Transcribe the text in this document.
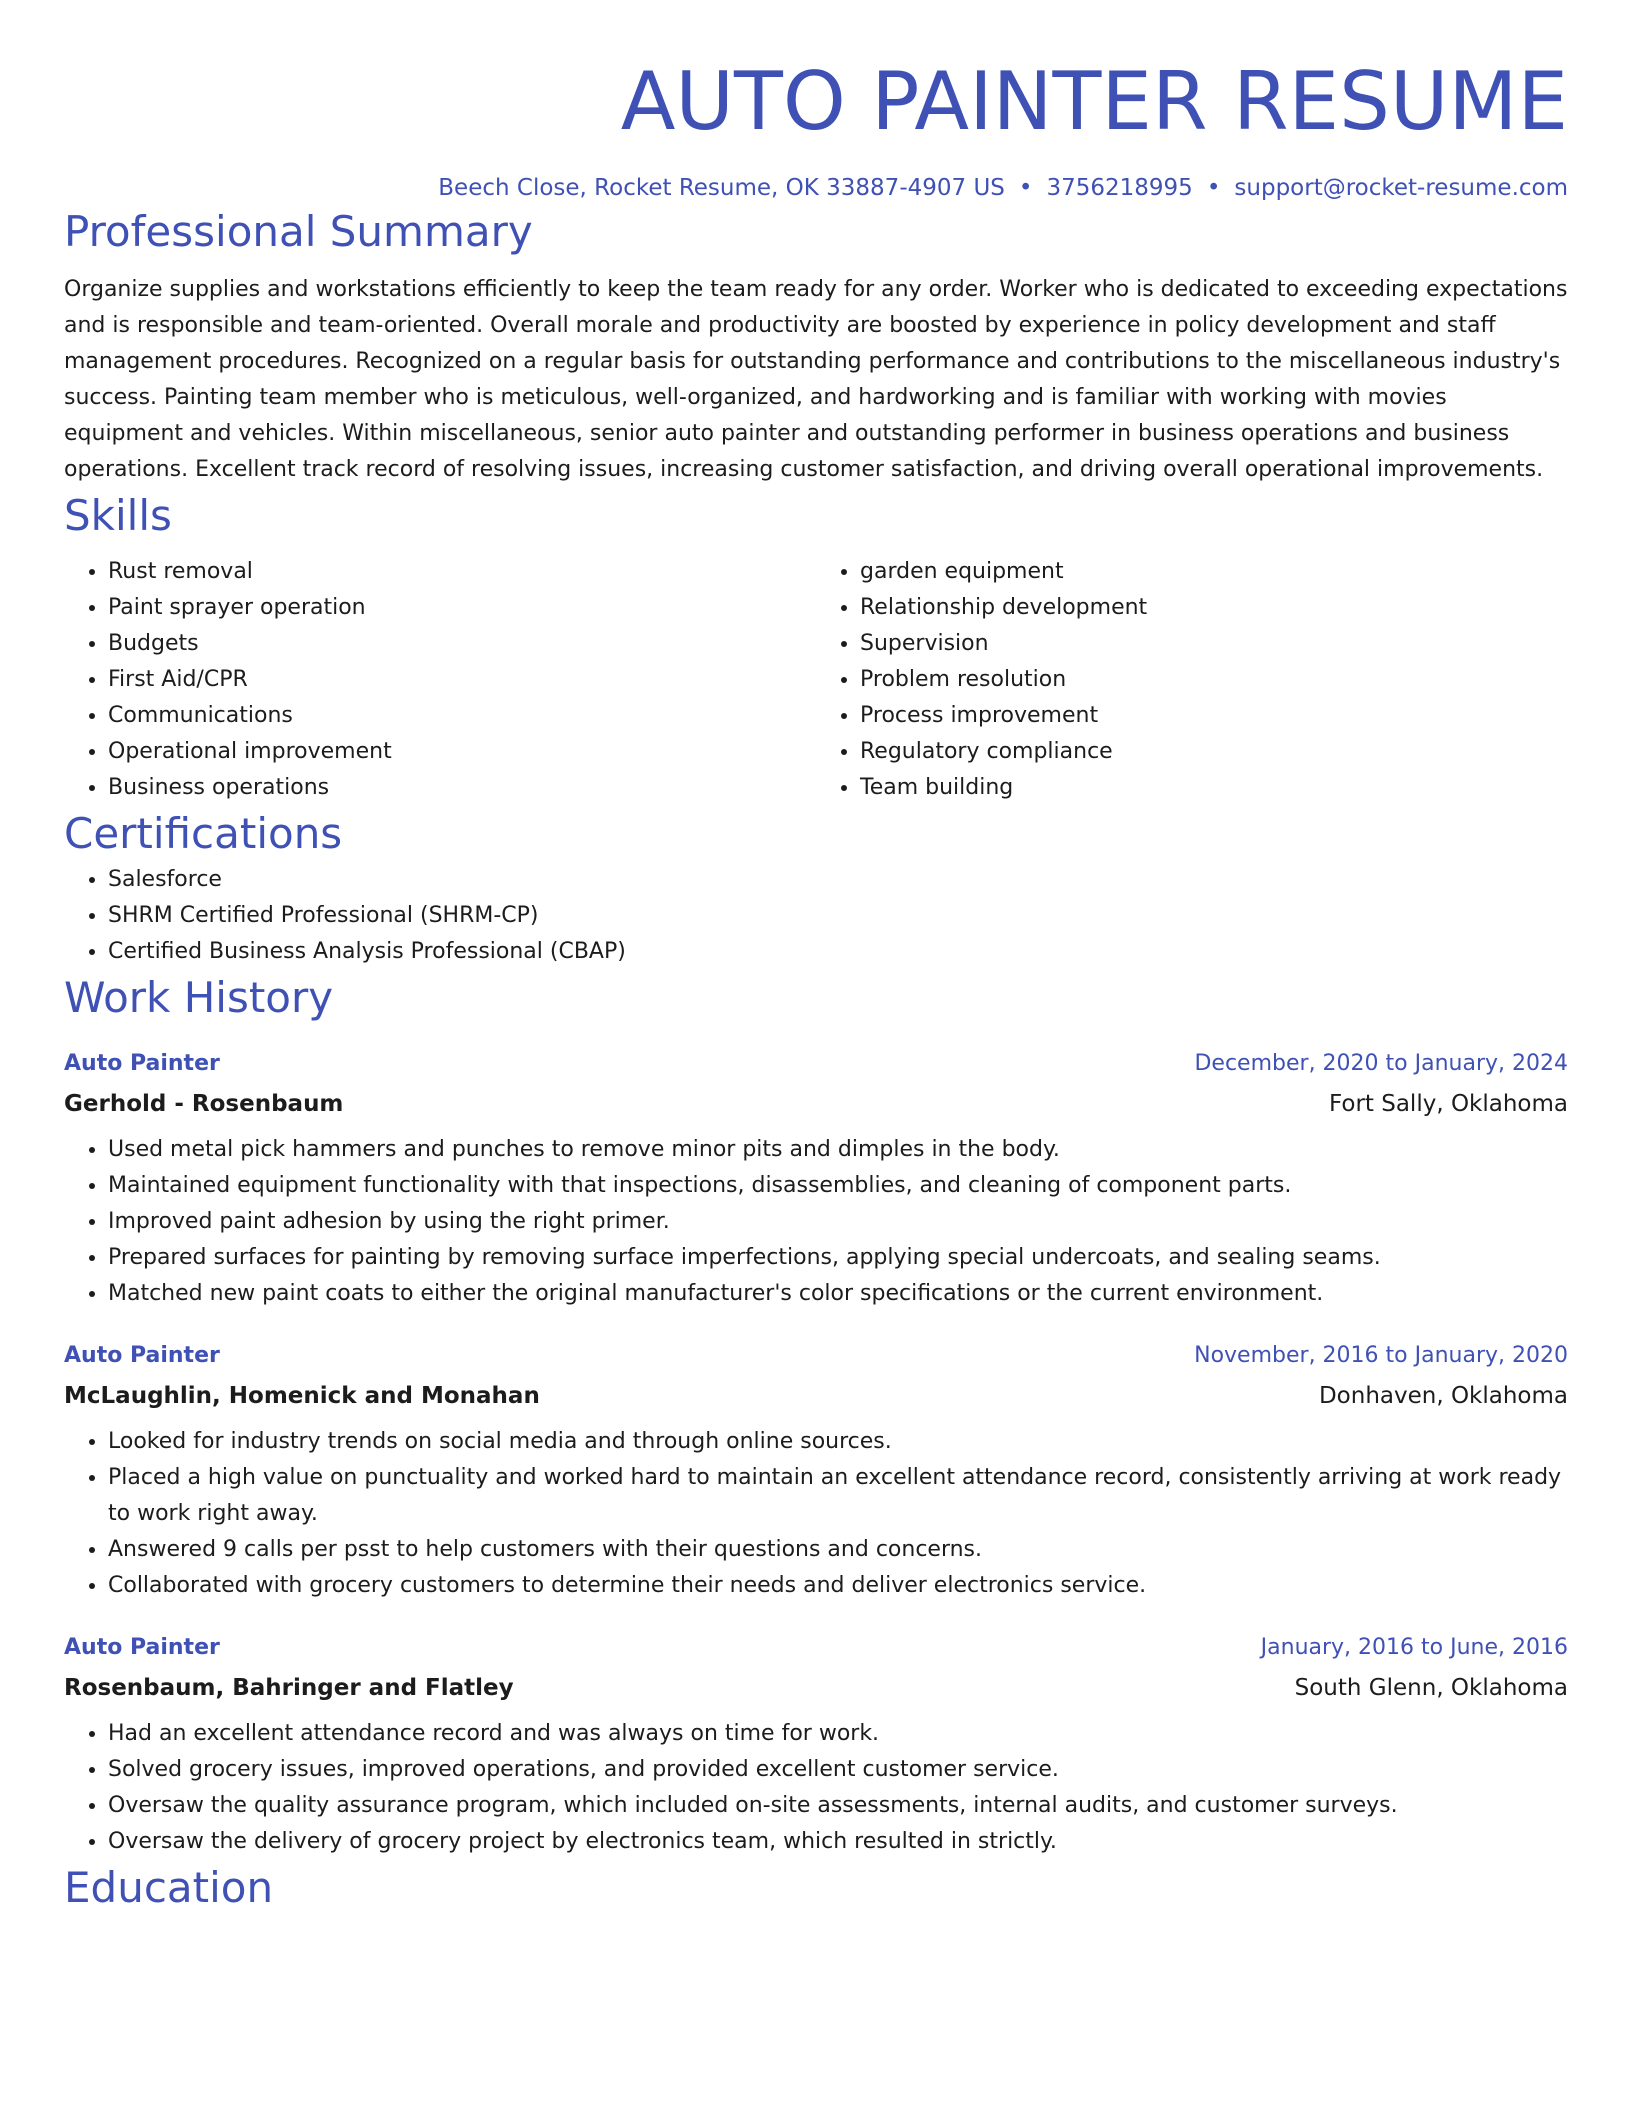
AUTO PAINTER RESUME
Beech Close, Rocket Resume, OK 33887-4907 US • 3756218995 • support@rocket-resume.com
Professional Summary

Organize supplies and workstations efficiently to keep the team ready for any order. Worker who is dedicated to exceeding expectations and is responsible and team-oriented. Overall morale and productivity are boosted by experience in policy development and staff management procedures. Recognized on a regular basis for outstanding performance and contributions to the miscellaneous industry's success. Painting team member who is meticulous, well-organized, and hardworking and is familiar with working with movies equipment and vehicles. Within miscellaneous, senior auto painter and outstanding performer in business operations and business operations. Excellent track record of resolving issues, increasing customer satisfaction, and driving overall operational improvements.

Skills
• Rust removal
• Paint sprayer operation
• Budgets
• First Aid/CPR
• Communications
• Operational improvement
• Business operations
• garden equipment
• Relationship development
• Supervision
• Problem resolution
• Process improvement
• Regulatory compliance
• Team building
Certifications
• Salesforce
• SHRM Certified Professional (SHRM-CP)
• Certified Business Analysis Professional (CBAP)
Work History
Auto Painter	December, 2020 to January, 2024
Gerhold - Rosenbaum	Fort Sally, Oklahoma
• Used metal pick hammers and punches to remove minor pits and dimples in the body.
• Maintained equipment functionality with that inspections, disassemblies, and cleaning of component parts.
• Improved paint adhesion by using the right primer.
• Prepared surfaces for painting by removing surface imperfections, applying special undercoats, and sealing seams.
• Matched new paint coats to either the original manufacturer's color specifications or the current environment.
Auto Painter	November, 2016 to January, 2020
McLaughlin, Homenick and Monahan	Donhaven, Oklahoma
• Looked for industry trends on social media and through online sources.
• Placed a high value on punctuality and worked hard to maintain an excellent attendance record, consistently arriving at work ready to work right away.
• Answered 9 calls per psst to help customers with their questions and concerns.
• Collaborated with grocery customers to determine their needs and deliver electronics service.
Auto Painter	January, 2016 to June, 2016
Rosenbaum, Bahringer and Flatley	South Glenn, Oklahoma
• Had an excellent attendance record and was always on time for work.
• Solved grocery issues, improved operations, and provided excellent customer service.
• Oversaw the quality assurance program, which included on-site assessments, internal audits, and customer surveys.
• Oversaw the delivery of grocery project by electronics team, which resulted in strictly.
Education
